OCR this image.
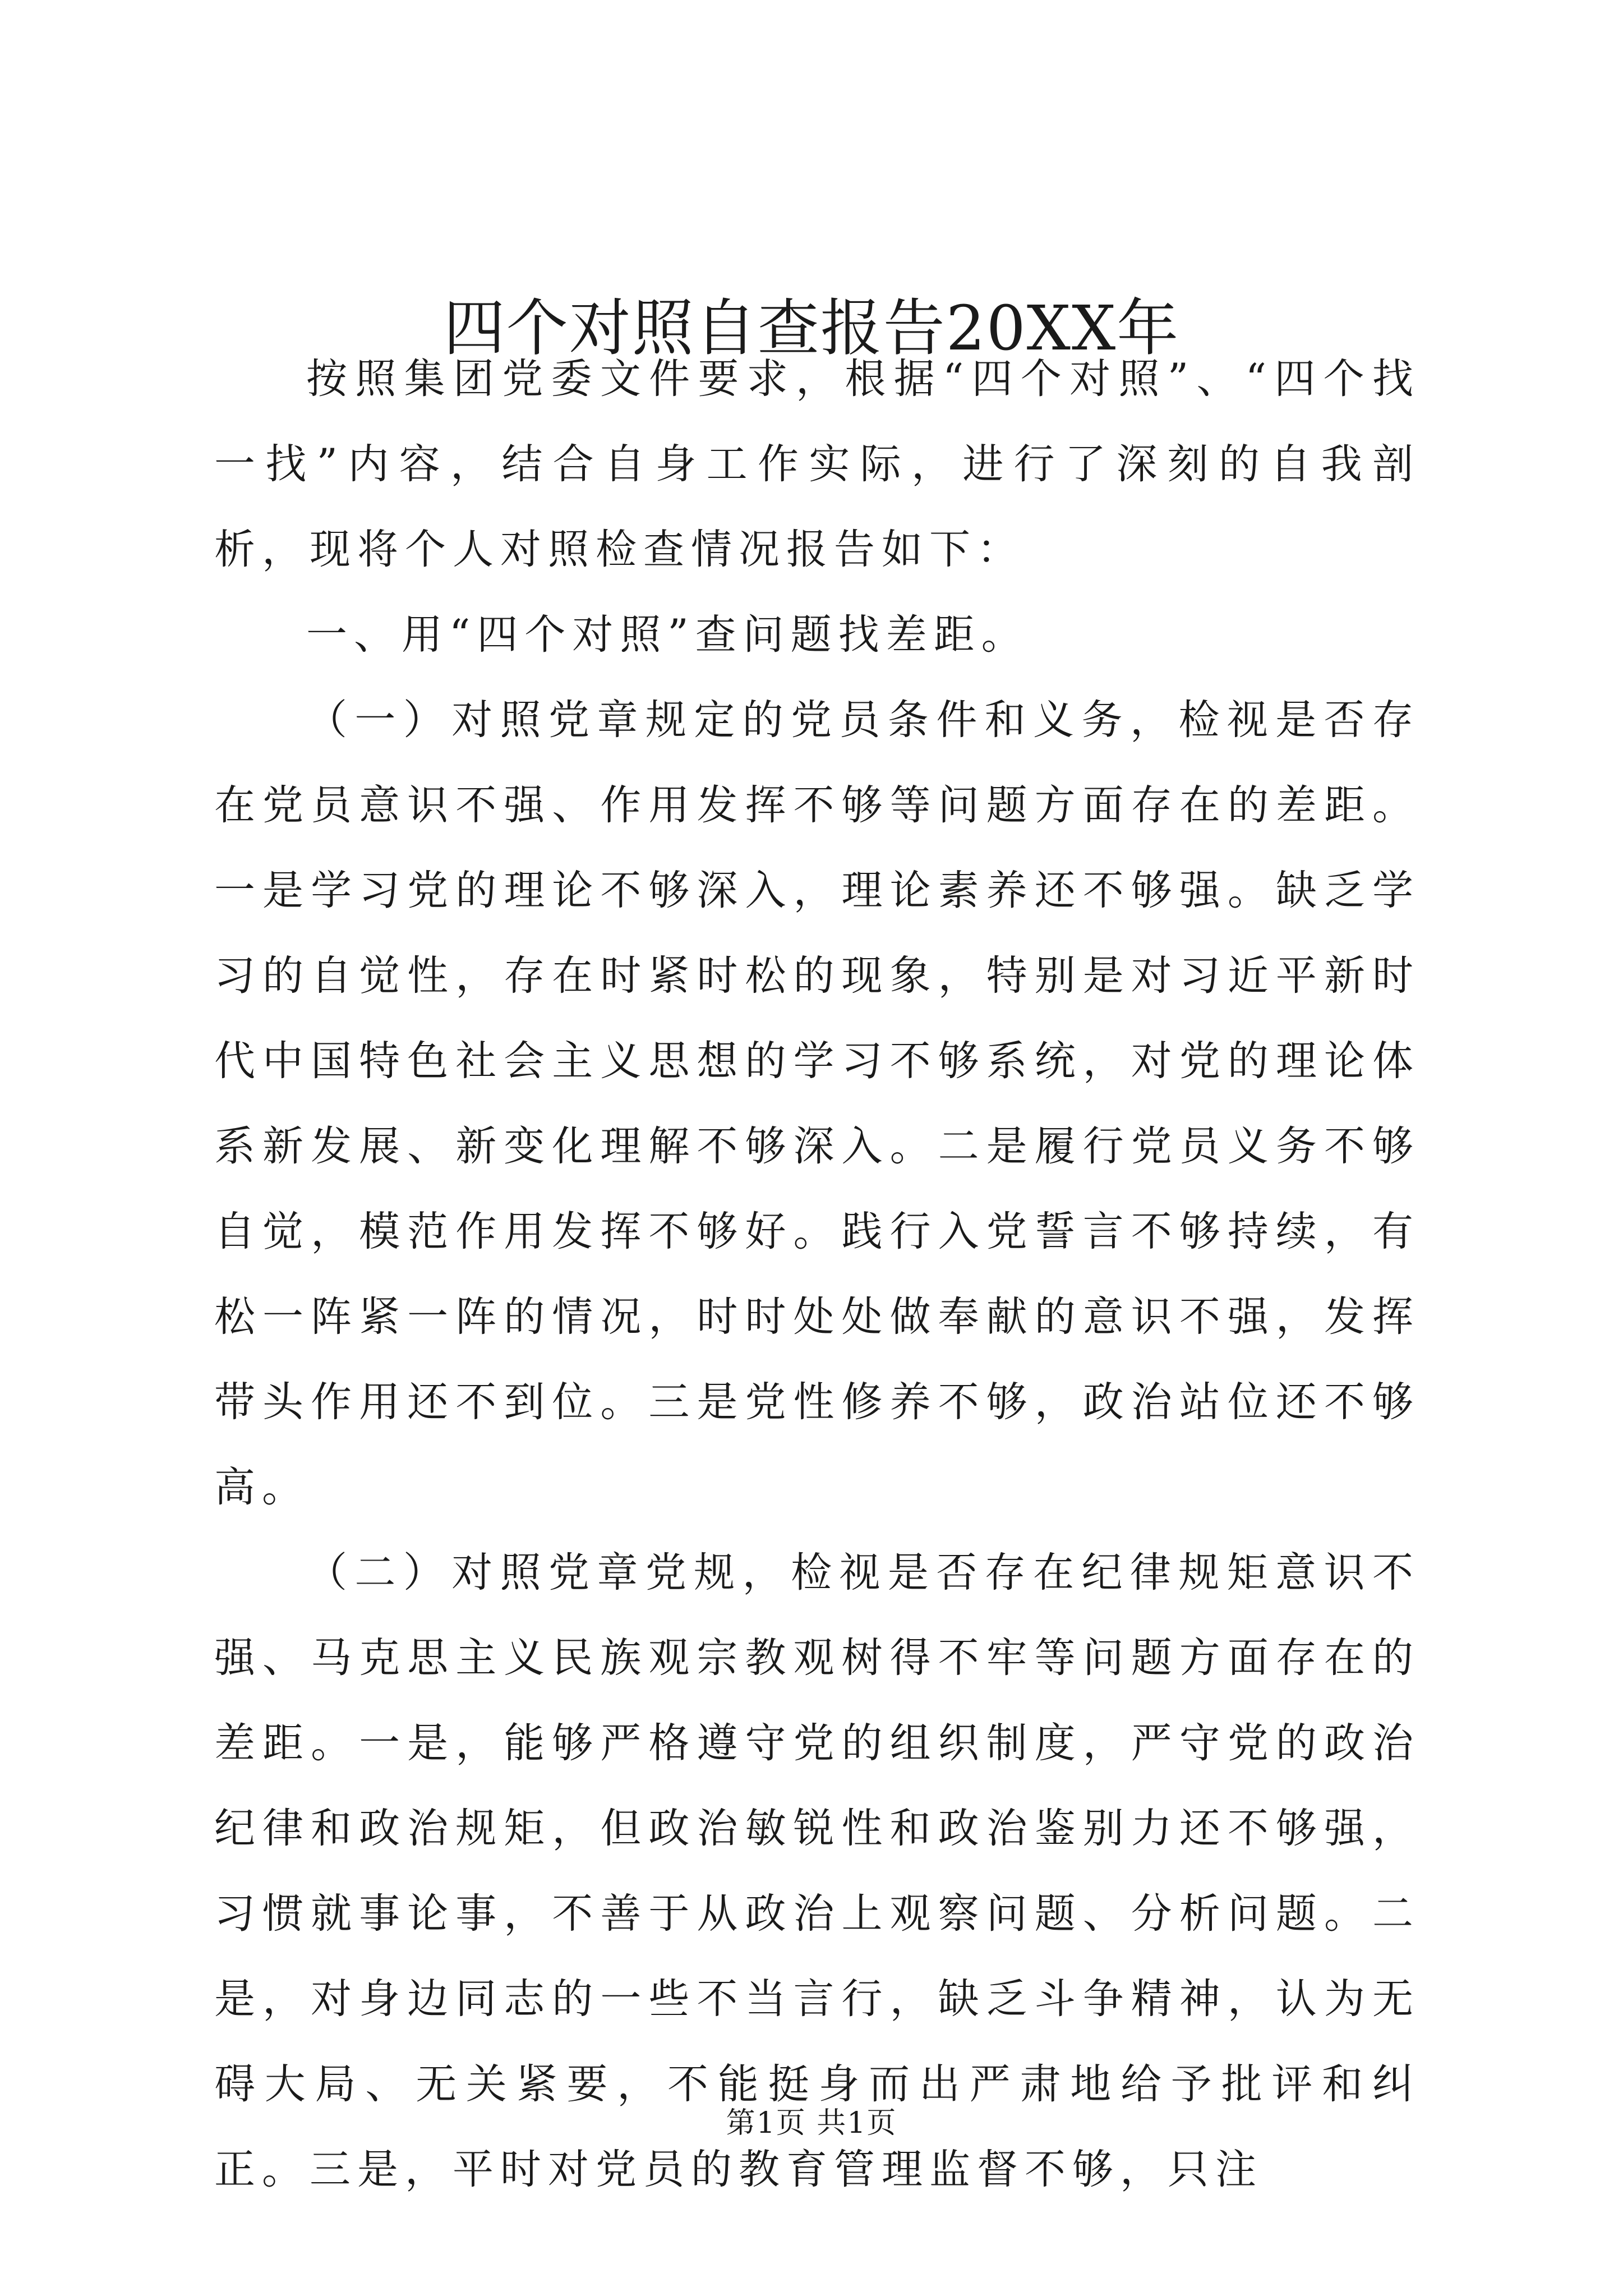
四个对照自查报告20XX年

按照集团党委文件要求，根据“四个对照”、“四个找一找”内容，结合自身工作实际，进行了深刻的自我剖析，现将个人对照检查情况报告如下：

一、用“四个对照”查问题找差距。

（一）对照党章规定的党员条件和义务，检视是否存在党员意识不强、作用发挥不够等问题方面存在的差距。一是学习党的理论不够深入，理论素养还不够强。缺乏学习的自觉性，存在时紧时松的现象，特别是对习近平新时代中国特色社会主义思想的学习不够系统，对党的理论体系新发展、新变化理解不够深入。二是履行党员义务不够自觉，模范作用发挥不够好。践行入党誓言不够持续，有松一阵紧一阵的情况，时时处处做奉献的意识不强，发挥带头作用还不到位。三是党性修养不够，政治站位还不够高。

（二）对照党章党规，检视是否存在纪律规矩意识不强、马克思主义民族观宗教观树得不牢等问题方面存在的差距。一是，能够严格遵守党的组织制度，严守党的政治纪律和政治规矩，但政治敏锐性和政治鉴别力还不够强，习惯就事论事，不善于从政治上观察问题、分析问题。二是，对身边同志的一些不当言行，缺乏斗争精神，认为无碍大局、无关紧要，不能挺身而出严肃地给予批评和纠正。三是，平时对党员的教育管理监督不够，只注

第1页 共1页
